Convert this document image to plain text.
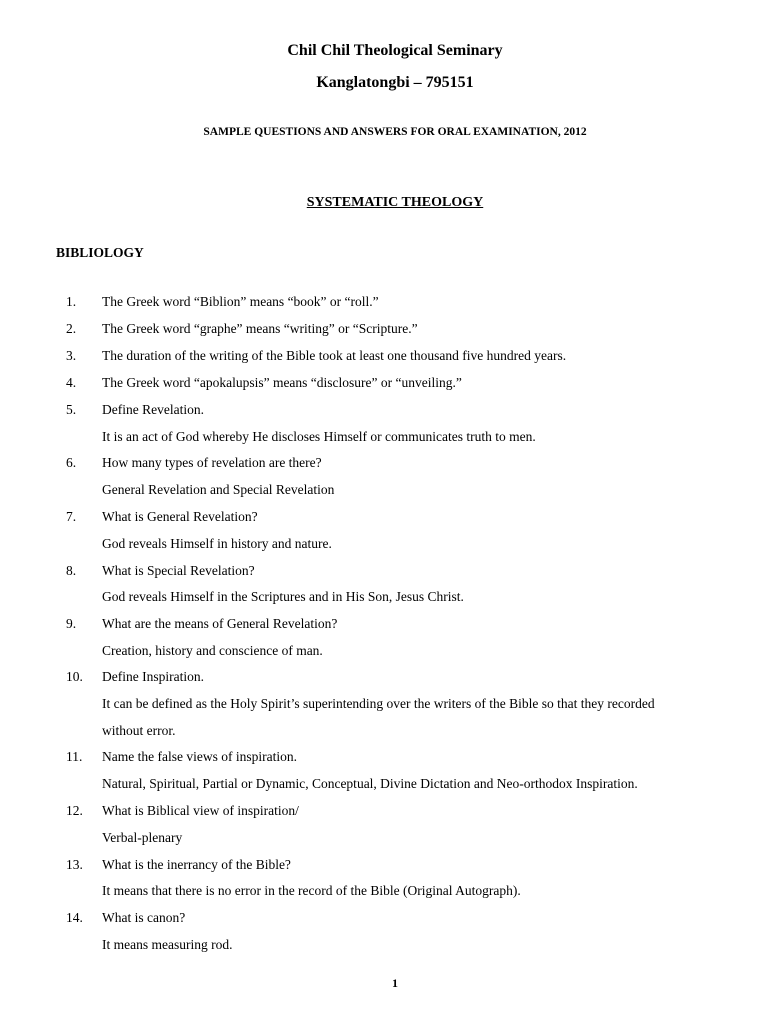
Chil Chil Theological Seminary
Kanglatongbi – 795151
SAMPLE QUESTIONS AND ANSWERS FOR ORAL EXAMINATION, 2012
SYSTEMATIC THEOLOGY
BIBLIOLOGY
1. The Greek word “Biblion” means “book” or “roll.”
2. The Greek word “graphe” means “writing” or “Scripture.”
3. The duration of the writing of the Bible took at least one thousand five hundred years.
4. The Greek word “apokalupsis” means “disclosure” or “unveiling.”
5. Define Revelation.
It is an act of God whereby He discloses Himself or communicates truth to men.
6. How many types of revelation are there?
General Revelation and Special Revelation
7. What is General Revelation?
God reveals Himself in history and nature.
8. What is Special Revelation?
God reveals Himself in the Scriptures and in His Son, Jesus Christ.
9. What are the means of General Revelation?
Creation, history and conscience of man.
10. Define Inspiration.
It can be defined as the Holy Spirit’s superintending over the writers of the Bible so that they recorded
without error.
11. Name the false views of inspiration.
Natural, Spiritual, Partial or Dynamic, Conceptual, Divine Dictation and Neo-orthodox Inspiration.
12. What is Biblical view of inspiration/
Verbal-plenary
13. What is the inerrancy of the Bible?
It means that there is no error in the record of the Bible (Original Autograph).
14. What is canon?
It means measuring rod.
1
